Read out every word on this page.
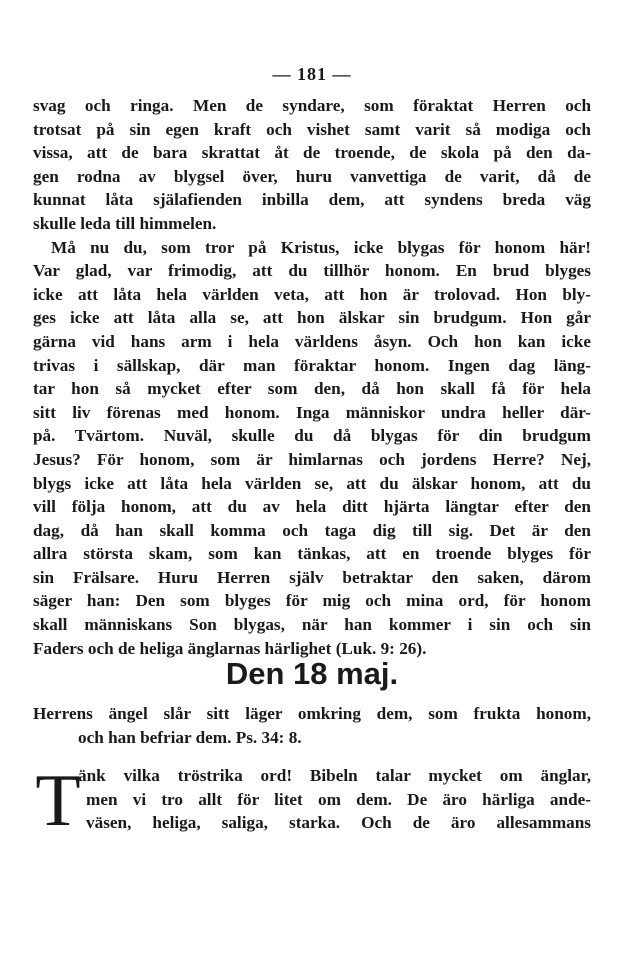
— 181 —
svag och ringa. Men de syndare, som föraktat Herren och
trotsat på sin egen kraft och vishet samt varit så modiga och
vissa, att de bara skrattat åt de troende, de skola på den da-
gen rodna av blygsel över, huru vanvettiga de varit, då de
kunnat låta själafienden inbilla dem, att syndens breda väg
skulle leda till himmelen.
Må nu du, som tror på Kristus, icke blygas för honom här!
Var glad, var frimodig, att du tillhör honom. En brud blyges
icke att låta hela världen veta, att hon är trolovad. Hon bly-
ges icke att låta alla se, att hon älskar sin brudgum. Hon går
gärna vid hans arm i hela världens åsyn. Och hon kan icke
trivas i sällskap, där man föraktar honom. Ingen dag läng-
tar hon så mycket efter som den, då hon skall få för hela
sitt liv förenas med honom. Inga människor undra heller där-
på. Tvärtom. Nuväl, skulle du då blygas för din brudgum
Jesus? För honom, som är himlarnas och jordens Herre? Nej,
blygs icke att låta hela världen se, att du älskar honom, att du
vill följa honom, att du av hela ditt hjärta längtar efter den
dag, då han skall komma och taga dig till sig. Det är den
allra största skam, som kan tänkas, att en troende blyges för
sin Frälsare. Huru Herren själv betraktar den saken, därom
säger han: Den som blyges för mig och mina ord, för honom
skall människans Son blygas, när han kommer i sin och sin
Faders och de heliga änglarnas härlighet (Luk. 9: 26).
Den 18 maj.
Herrens ängel slår sitt läger omkring dem, som frukta honom,
och han befriar dem. Ps. 34: 8.
T
änk vilka tröstrika ord! Bibeln talar mycket om änglar,
men vi tro allt för litet om dem. De äro härliga ande-
väsen, heliga, saliga, starka. Och de äro allesammans
